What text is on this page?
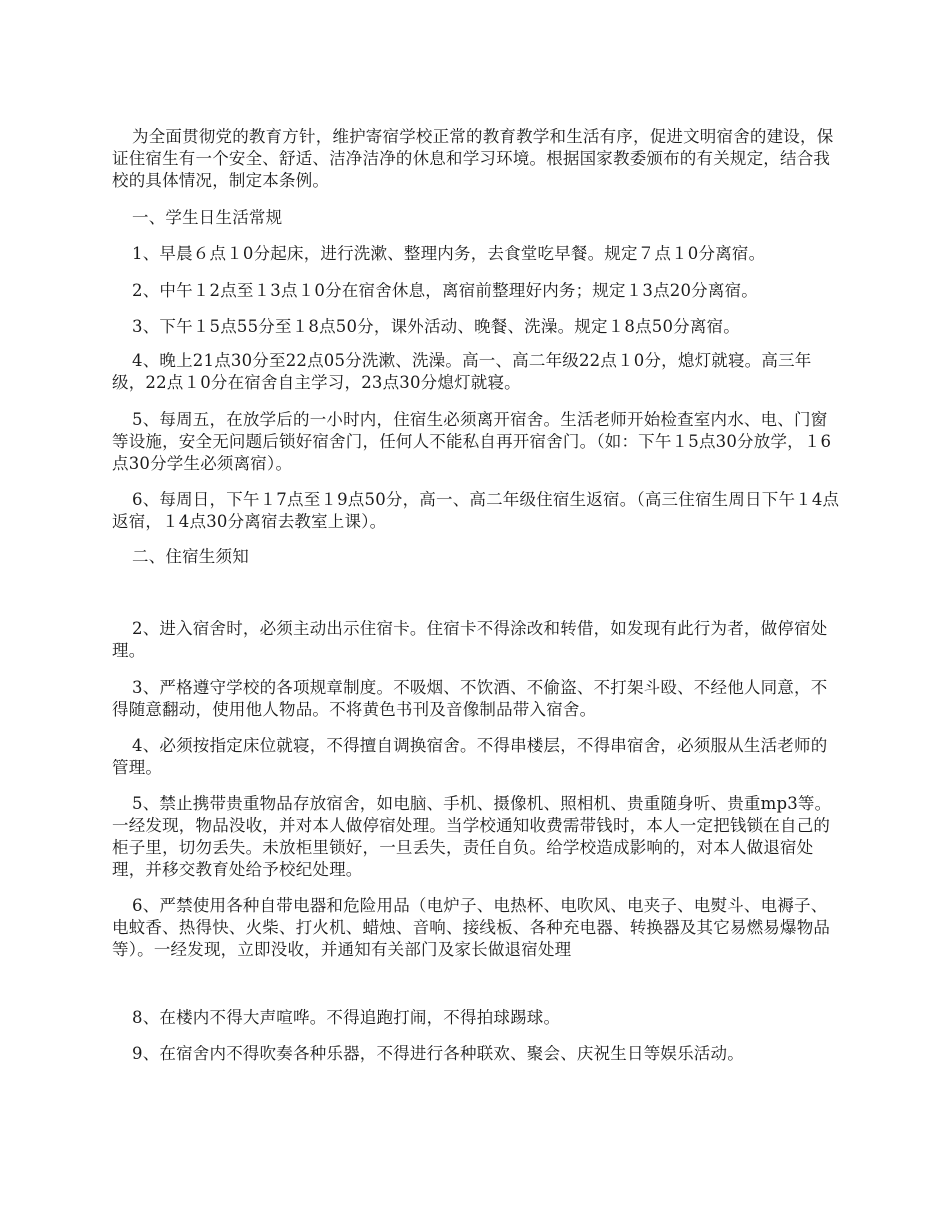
为全面贯彻党的教育方针，维护寄宿学校正常的教育教学和生活有序，促进文明宿舍的建设，保证住宿生有一个安全、舒适、洁净洁净的休息和学习环境。根据国家教委颁布的有关规定，结合我校的具体情况，制定本条例。

一、学生日生活常规

1、早晨６点１0分起床，进行洗漱、整理内务，去食堂吃早餐。规定７点１0分离宿。

2、中午１2点至１3点１0分在宿舍休息，离宿前整理好内务；规定１3点20分离宿。

3、下午１5点55分至１8点50分，课外活动、晚餐、洗澡。规定１8点50分离宿。

4、晚上21点30分至22点05分洗漱、洗澡。高一、高二年级22点１0分，熄灯就寝。高三年级，22点１0分在宿舍自主学习，23点30分熄灯就寝。

5、每周五，在放学后的一小时内，住宿生必须离开宿舍。生活老师开始检查室内水、电、门窗等设施，安全无问题后锁好宿舍门，任何人不能私自再开宿舍门。（如：下午１5点30分放学，１6点30分学生必须离宿）。

6、每周日，下午１7点至１9点50分，高一、高二年级住宿生返宿。（高三住宿生周日下午１4点返宿，１4点30分离宿去教室上课）。

二、住宿生须知

2、进入宿舍时，必须主动出示住宿卡。住宿卡不得涂改和转借，如发现有此行为者，做停宿处理。

3、严格遵守学校的各项规章制度。不吸烟、不饮酒、不偷盗、不打架斗殴、不经他人同意，不得随意翻动，使用他人物品。不将黄色书刊及音像制品带入宿舍。

4、必须按指定床位就寝，不得擅自调换宿舍。不得串楼层，不得串宿舍，必须服从生活老师的管理。

5、禁止携带贵重物品存放宿舍，如电脑、手机、摄像机、照相机、贵重随身听、贵重mp3等。一经发现，物品没收，并对本人做停宿处理。当学校通知收费需带钱时，本人一定把钱锁在自己的柜子里，切勿丢失。未放柜里锁好，一旦丢失，责任自负。给学校造成影响的，对本人做退宿处理，并移交教育处给予校纪处理。

6、严禁使用各种自带电器和危险用品（电炉子、电热杯、电吹风、电夹子、电熨斗、电褥子、电蚊香、热得快、火柴、打火机、蜡烛、音响、接线板、各种充电器、转换器及其它易燃易爆物品等）。一经发现，立即没收，并通知有关部门及家长做退宿处理

8、在楼内不得大声喧哗。不得追跑打闹，不得拍球踢球。

9、在宿舍内不得吹奏各种乐器，不得进行各种联欢、聚会、庆祝生日等娱乐活动。
